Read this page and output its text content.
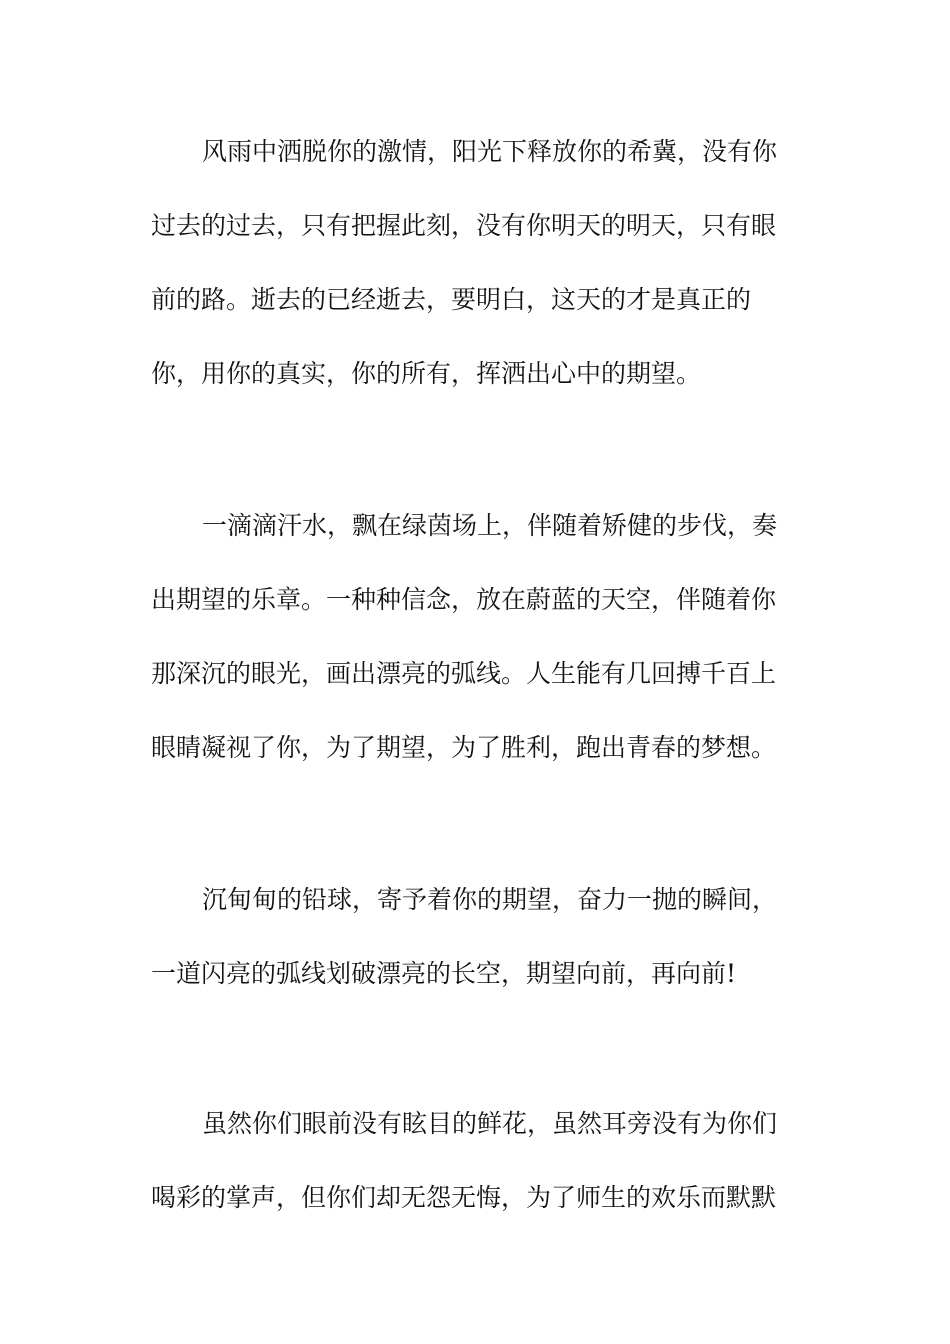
风雨中洒脱你的激情，阳光下释放你的希冀，没有你
过去的过去，只有把握此刻，没有你明天的明天，只有眼
前的路。逝去的已经逝去，要明白，这天的才是真正的
你，用你的真实，你的所有，挥洒出心中的期望。
一滴滴汗水，飘在绿茵场上，伴随着矫健的步伐，奏
出期望的乐章。一种种信念，放在蔚蓝的天空，伴随着你
那深沉的眼光，画出漂亮的弧线。人生能有几回搏千百上
眼睛凝视了你，为了期望，为了胜利，跑出青春的梦想。
沉甸甸的铅球，寄予着你的期望，奋力一抛的瞬间，
一道闪亮的弧线划破漂亮的长空，期望向前，再向前!
虽然你们眼前没有眩目的鲜花，虽然耳旁没有为你们
喝彩的掌声，但你们却无怨无悔，为了师生的欢乐而默默
